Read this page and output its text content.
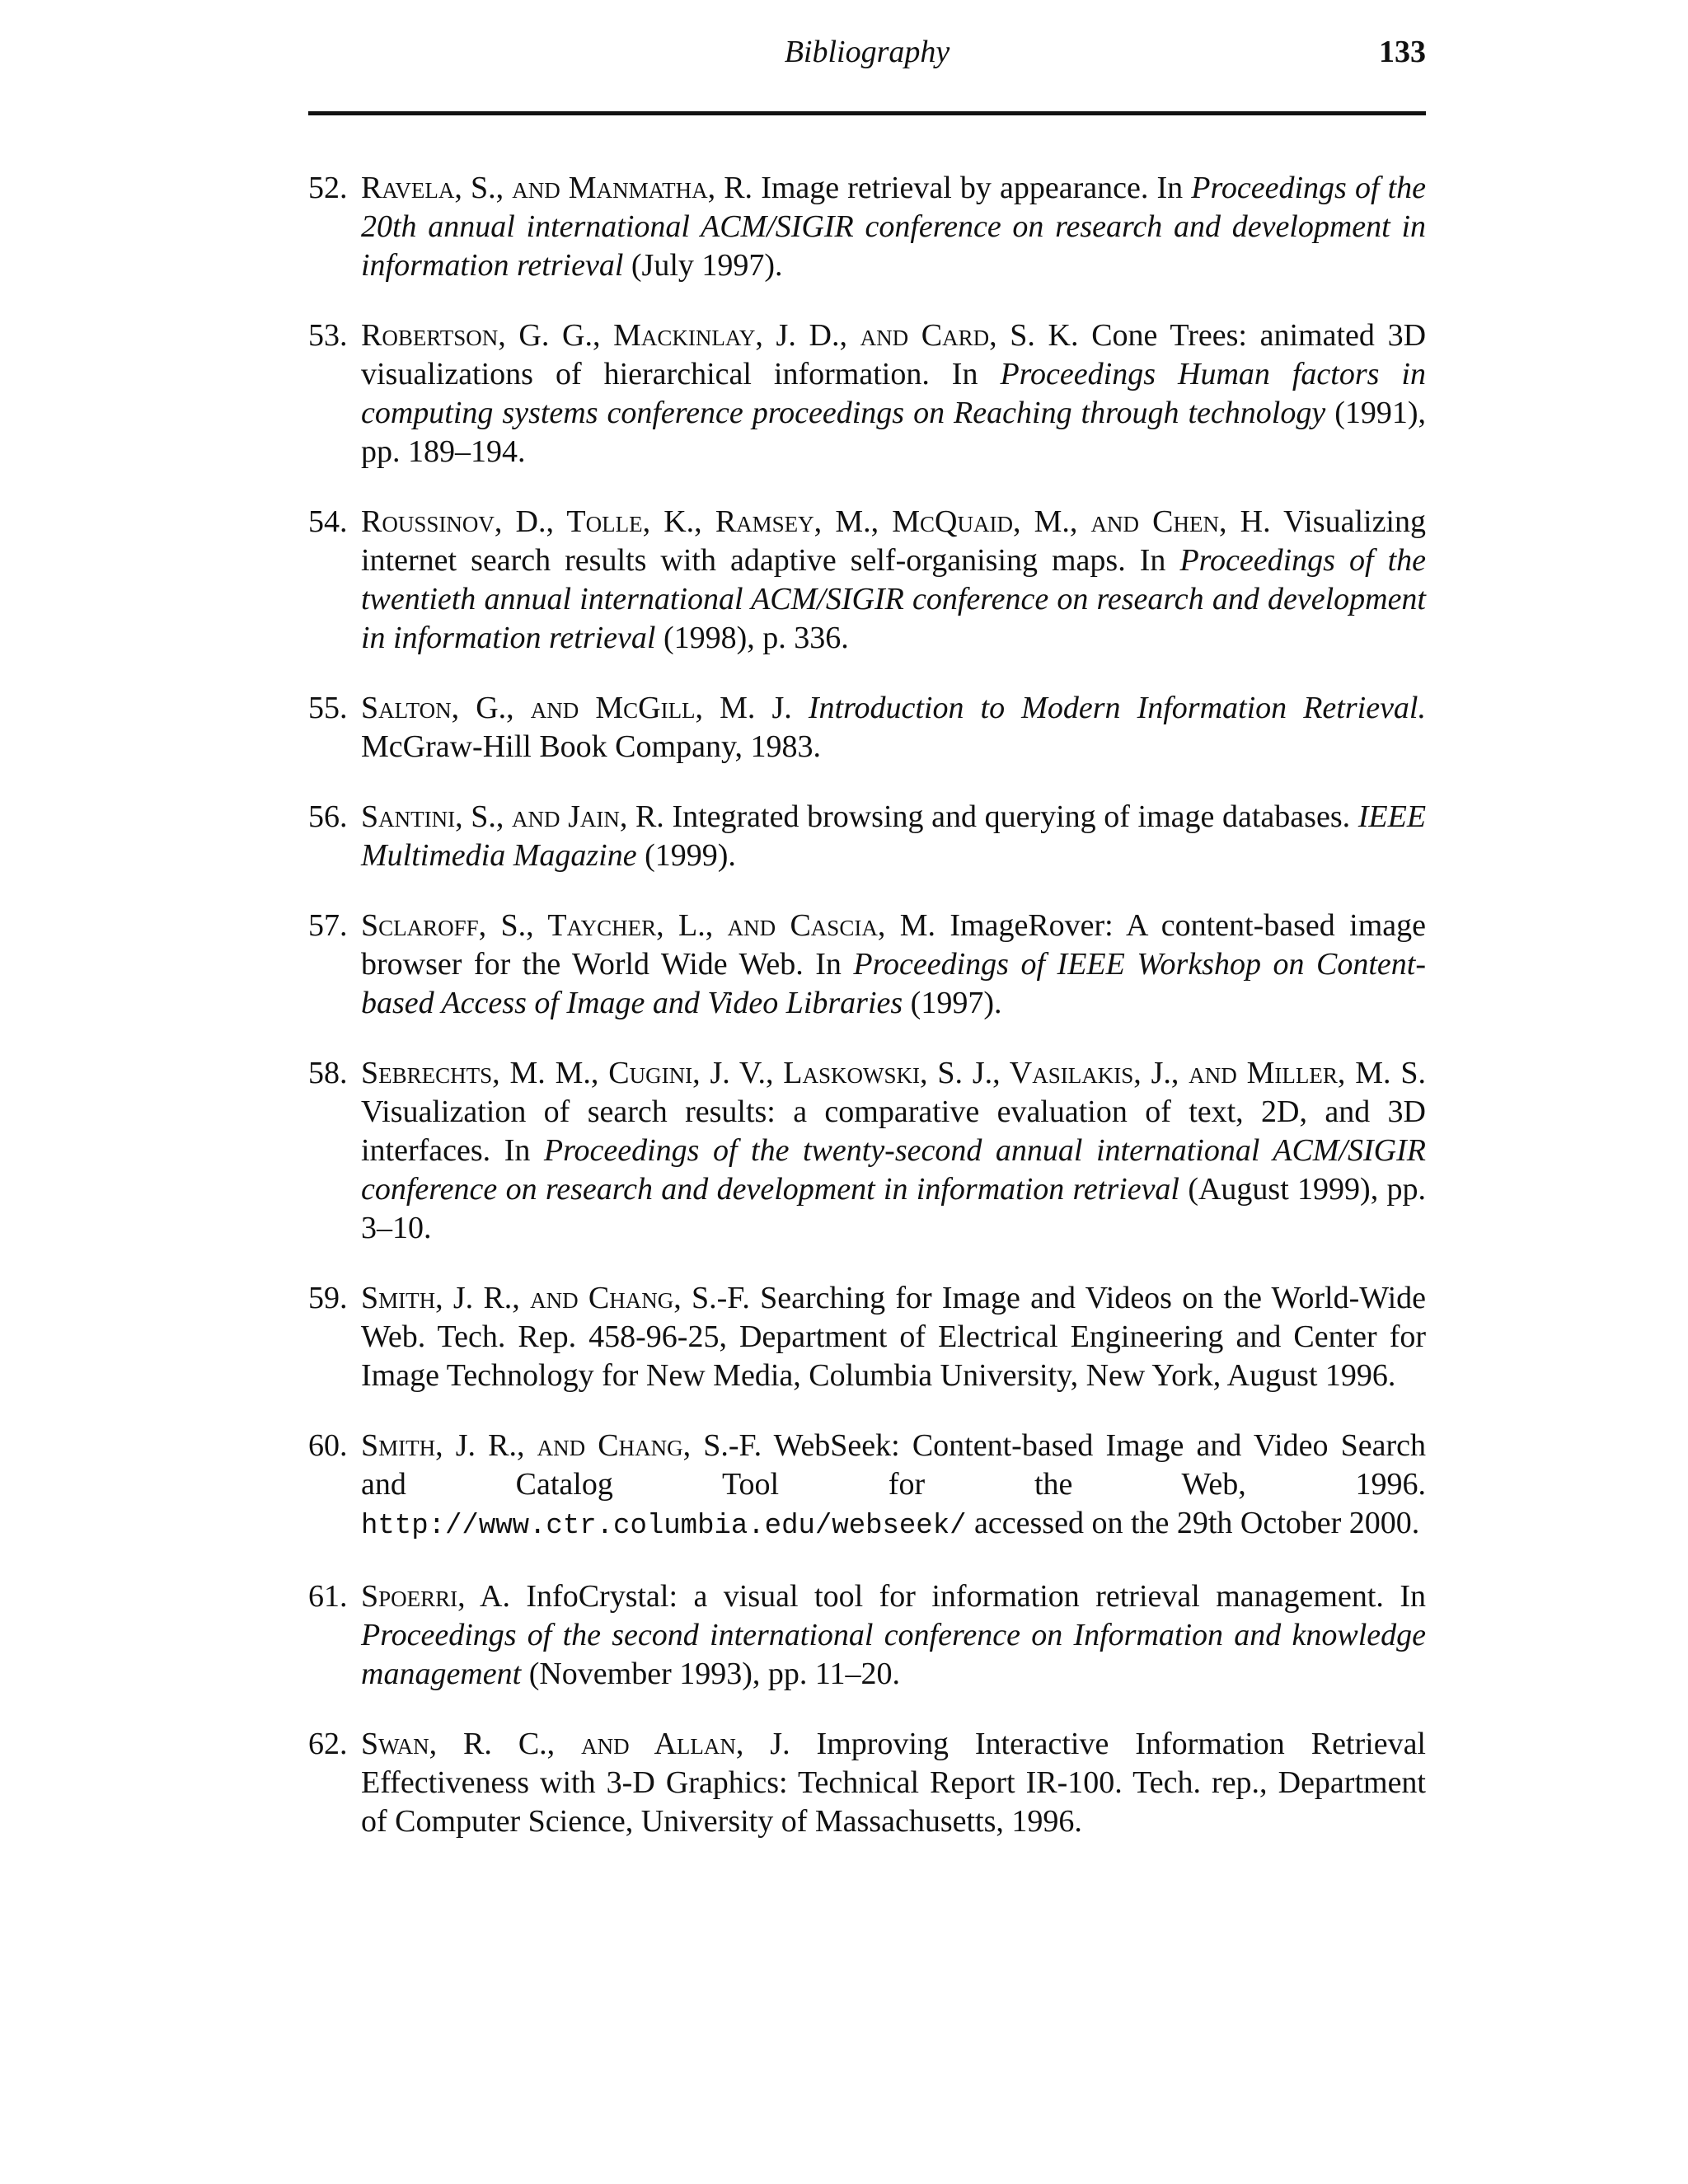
Bibliography	133
52. Ravela, S., and Manmatha, R. Image retrieval by appearance. In Proceedings of the 20th annual international ACM/SIGIR conference on research and development in information retrieval (July 1997).
53. Robertson, G. G., Mackinlay, J. D., and Card, S. K. Cone Trees: animated 3D visualizations of hierarchical information. In Proceedings Human factors in computing systems conference proceedings on Reaching through technology (1991), pp. 189–194.
54. Roussinov, D., Tolle, K., Ramsey, M., McQuaid, M., and Chen, H. Visualizing internet search results with adaptive self-organising maps. In Proceedings of the twentieth annual international ACM/SIGIR conference on research and development in information retrieval (1998), p. 336.
55. Salton, G., and McGill, M. J. Introduction to Modern Information Retrieval. McGraw-Hill Book Company, 1983.
56. Santini, S., and Jain, R. Integrated browsing and querying of image databases. IEEE Multimedia Magazine (1999).
57. Sclaroff, S., Taycher, L., and Cascia, M. ImageRover: A content-based image browser for the World Wide Web. In Proceedings of IEEE Workshop on Content-based Access of Image and Video Libraries (1997).
58. Sebrechts, M. M., Cugini, J. V., Laskowski, S. J., Vasilakis, J., and Miller, M. S. Visualization of search results: a comparative evaluation of text, 2D, and 3D interfaces. In Proceedings of the twenty-second annual international ACM/SIGIR conference on research and development in information retrieval (August 1999), pp. 3–10.
59. Smith, J. R., and Chang, S.-F. Searching for Image and Videos on the World-Wide Web. Tech. Rep. 458-96-25, Department of Electrical Engineering and Center for Image Technology for New Media, Columbia University, New York, August 1996.
60. Smith, J. R., and Chang, S.-F. WebSeek: Content-based Image and Video Search and Catalog Tool for the Web, 1996. http://www.ctr.columbia.edu/webseek/ accessed on the 29th October 2000.
61. Spoerri, A. InfoCrystal: a visual tool for information retrieval management. In Proceedings of the second international conference on Information and knowledge management (November 1993), pp. 11–20.
62. Swan, R. C., and Allan, J. Improving Interactive Information Retrieval Effectiveness with 3-D Graphics: Technical Report IR-100. Tech. rep., Department of Computer Science, University of Massachusetts, 1996.
